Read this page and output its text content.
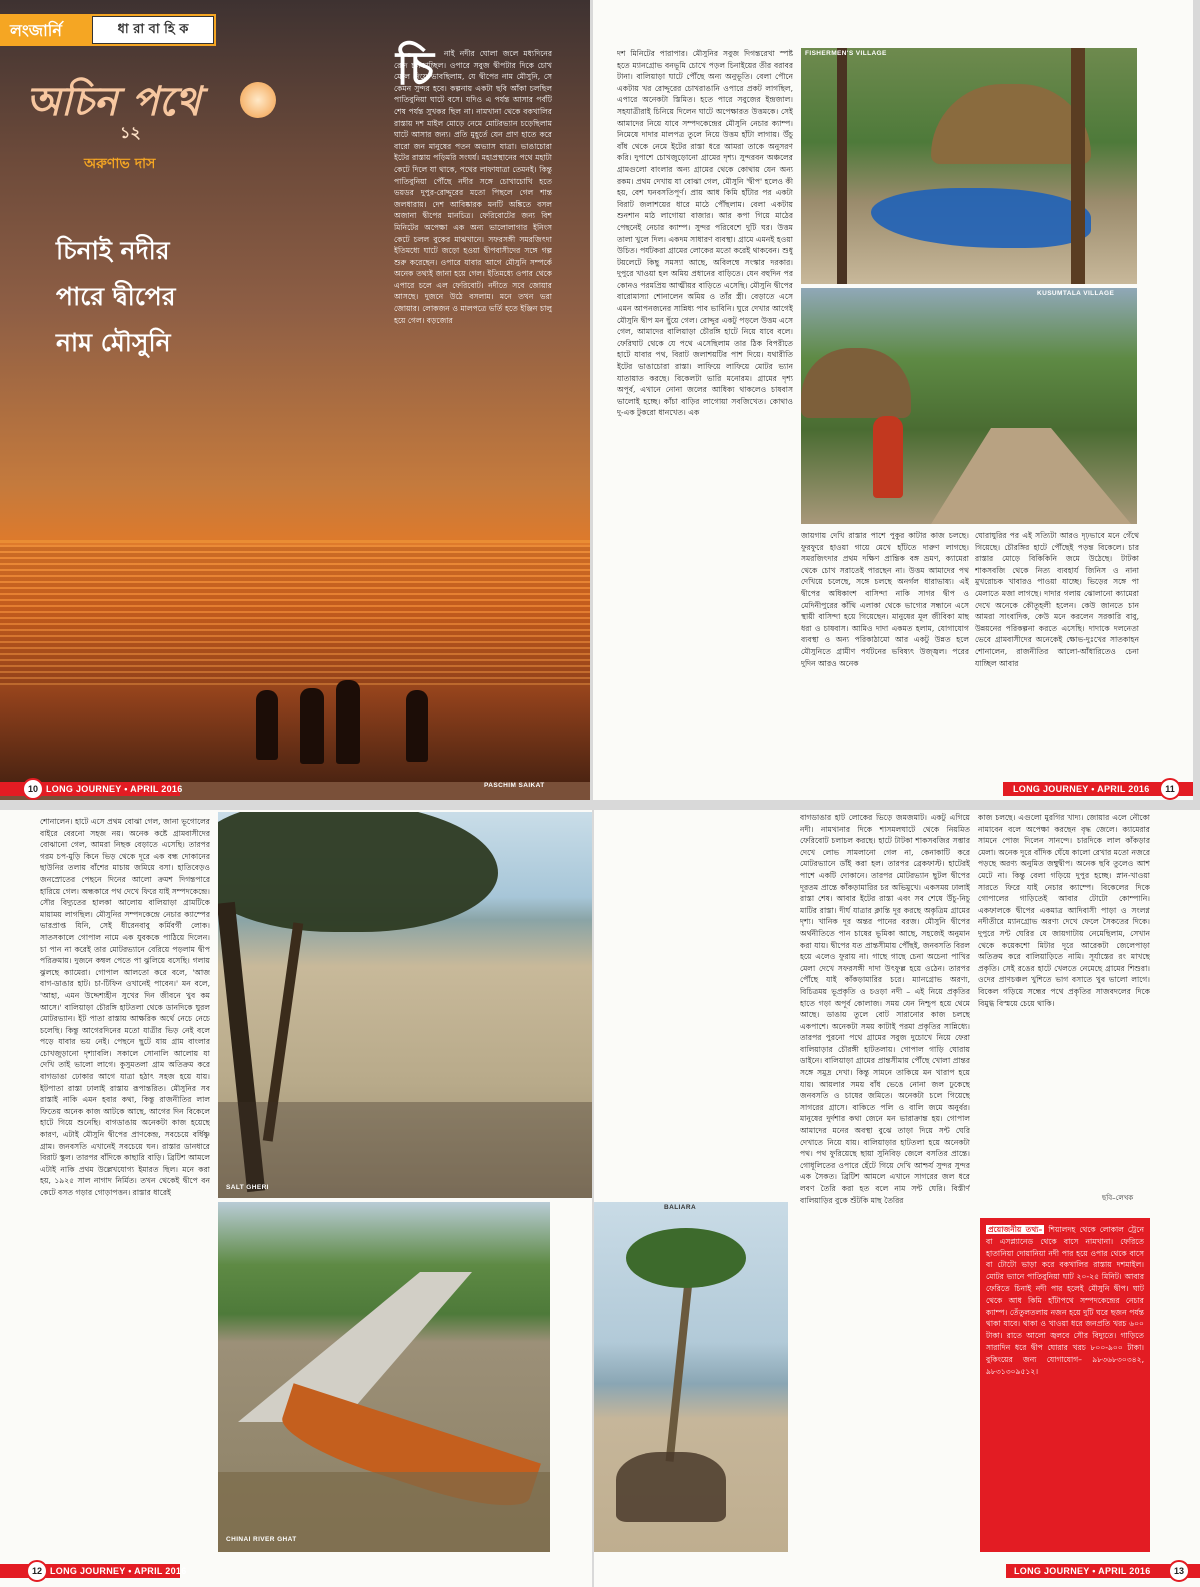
লংজার্নি	ধা রা বা হি ক
অচিন পথে
১২
অরুণাভ দাস
চিনাই নদীর
পারে দ্বীপের
নাম মৌসুনি
চি	নাই নদীর ঘোলা জলে মধ্যদিনের রোদ চলকাচ্ছিল। ওপারে সবুজ দ্বীপটার দিকে চোখ মেলে দিয়ে ভাবছিলাম, যে দ্বীপের নাম মৌসুনি, সে কেমন সুন্দর হবে। কল্পনায় একটা ছবি আঁকা চলছিল পাতিবুনিয়া ঘাটে বসে। যদিও এ পর্যন্ত আসার পর্বটি শেষ পর্যন্ত সুখকর ছিল না। নামখানা থেকে বকখালির রাস্তায় দশ মাইল মোড়ে নেমে মোটরভ্যান চড়েছিলাম ঘাটে আসার জন্য। প্রতি মুহূর্তে যেন প্রাণ হাতে করে বারো জন মানুষের পতন অভ্যাস যাত্রা। ভাঙাচোরা ইটের রাস্তায় পড়িমরি সংঘর্ষ। মহাপ্রস্থানের পথে মহাটা কেটে দিলে যা থাকে, পথের লাফাযাত্রা তেমনই। কিন্তু পাতিবুনিয়া পৌঁছে নদীর সঙ্গে চোখাচোখি হতে ভয়ডর দুপুর-রোদ্দুরের মতো পিছলে গেল শান্ত জলধারায়। দেশ আবিষ্কারক মনটি অঙ্কিতে বসল অজানা দ্বীপের মানচিত্র। ফেরিবোটের জন্য বিশ মিনিটের অপেক্ষা এক অন্য ভালোলাগার ইনিংস কেটে চলল বুকের মাঝখানে। সফরসঙ্গী সমরজিৎদা ইতিমধ্যে ঘাটে জড়ো হওয়া দ্বীপবাসীদের সঙ্গে গল্প শুরু করেছেন। ওপারে যাবার আগে মৌসুনি সম্পর্কে অনেক তথ্যই জানা হয়ে গেল। ইতিমধ্যে ওপার থেকে এপারে চলে এল ফেরিবোট। নদীতে সবে জোয়ার আসছে। দুজনে উঠে বসলাম। মনে তখন ভরা জোয়ার। লোকজন ও মালপত্রে ভর্তি হতে ইঞ্জিন চালু হয়ে গেল। বড়জোর
PASCHIM SAIKAT
10 LONG JOURNEY • APRIL 2016
দশ মিনিটের পারাপার। মৌসুনির সবুজ দিগন্তরেখা স্পষ্ট হতে ম্যানগ্রোভ বনভূমি চোখে পড়ল চিনাইয়ের তীর বরাবর টানা। বালিয়াড়া ঘাটে পৌঁছে অন্য অনুভূতি। বেলা পৌনে একটায় খর রোদ্দুরের চোখরাঙানি ওপারে প্রকট লাগছিল, এপারে অনেকটা স্তিমিত। হতে পারে সবুজের ইন্দ্রজাল। সহযাত্রীরাই চিনিয়ে দিলেন ঘাটে অপেক্ষারত উত্তমকে। সেই আমাদের নিয়ে যাবে সম্পদকেন্দ্রের মৌসুনি নেচার ক্যাম্প। নিমেষে দাদার মালপত্র তুলে নিয়ে উত্তম হাঁটা লাগায়। উঁচু বাঁধ থেকে নেমে ইটের রাস্তা ধরে আমরা তাকে অনুসরণ করি। দুপাশে চোখজুড়োনো গ্রামের দৃশ্য। সুন্দরবন অঞ্চলের গ্রামগুলো বাংলার অন্য গ্রামের থেকে কোথায় যেন অন্য রকম। প্রথম দেখায় যা বোঝা গেল, মৌসুনি 'দ্বীপ' হলেও কী হয়, বেশ ঘনবসতিপূর্ণ। প্রায় আধ কিমি হাঁটার পর একটা বিরাট জলাশয়ের ধারে মাঠে পৌঁছলাম। বেলা একটায় শুনশান মাঠ লাগোয়া বাজার। আর কপা গিয়ে মাঠের পেছনেই নেচার ক্যাম্প। সুন্দর পরিবেশে দুটি ঘর। উত্তম তালা খুলে দিল। একদম সাধারণ ব্যবস্থা। গ্রামে এমনই হওয়া উচিত। পর্যটকরা গ্রামের লোকের মতো করেই থাকবেন। শুধু টয়লেটে কিছু সমস্যা আছে, অবিলম্বে সংস্কার দরকার। দুপুরে খাওয়া হল অমিয় প্রধানের বাড়িতে। যেন বহুদিন পর কোনও পরমপ্রিয় আত্মীয়র বাড়িতে এসেছি। মৌসুনি দ্বীপের বারোমাস্যা শোনালেন অমিয় ও তাঁর স্ত্রী। বেড়াতে এসে এমন আপনজনের সান্নিধ্য পাব ভাবিনি। ঘুরে দেখার আগেই মৌসুনি দ্বীপ মন ছুঁয়ে গেল। রোদ্দুর একটু পড়লে উত্তম এসে গেল, আমাদের বালিয়াড়া চৌরঙ্গি হাটে নিয়ে যাবে বলে। ফেরিঘাট থেকে যে পথে এসেছিলাম তার ঠিক বিপরীতে হাটে যাবার পথ, বিরাট জলাশয়টির পাশ দিয়ে। যথারীতি ইটের ভাঙাচোরা রাস্তা। লাফিয়ে লাফিয়ে মোটর ভ্যান যাতায়াত করছে। বিকেলটা ভারি মনোরম। গ্রামের দৃশ্য অপূর্ব, এখানে নোনা জলের আধিক্য থাকলেও চাষবাস ভালোই হচ্ছে। কাঁচা বাড়ির লাগোয়া সবজিখেত। কোথাও দু-এক টুকরো ধানখেত। এক
FISHERMEN'S VILLAGE
KUSUMTALA VILLAGE
জায়গায় দেখি রাস্তার পাশে পুকুর কাটার কাজ চলছে। ফুরফুরে হাওয়া গায়ে মেখে হাঁটতে দারুণ লাগছে। সমরজিৎদার প্রথম দক্ষিণ প্রান্তিক বঙ্গ ভ্রমণ, ক্যামেরা থেকে চোখ সরাতেই পারছেন না। উত্তম আমাদের পথ দেখিয়ে চলেছে, সঙ্গে চলছে অনর্গল ধারাভাষ্য। এই দ্বীপের অধিকাংশ বাসিন্দা নাকি সাগর দ্বীপ ও মেদিনীপুরের কাঁথি এলাকা থেকে ভাগ্যের সন্ধানে এসে স্থায়ী বাসিন্দা হয়ে গিয়েছেন। মানুষের মূল জীবিকা মাছ ধরা ও চাষবাস। আমিও দাদা একমত হলাম, যোগাযোগ ব্যবস্থা ও অন্য পরিকাঠামো আর একটু উন্নত হলে মৌসুনিতে গ্রামীণ পর্যটনের ভবিষ্যৎ উজ্জ্বল। পরের দুদিন আরও অনেক
ঘোরাঘুরির পর এই সত্যিটা আরও দৃঢ়ভাবে মনে গেঁথে গিয়েছে। চৌরঙ্গির হাটে পৌঁছেই পড়ন্ত বিকেলে। চার রাস্তার মোড়ে বিকিকিনি জমে উঠেছে। টাটকা শাকসবজি থেকে নিত্য ব্যবহার্য জিনিস ও নানা মুখরোচক খাবারও পাওয়া যাচ্ছে। ভিড়ের সঙ্গে পা মেলাতে মজা লাগছে। দাদার গলায় ঝোলানো ক্যামেরা দেখে অনেকে কৌতূহলী হলেন। কেউ জানতে চান আমরা সাংবাদিক, কেউ মনে করলেন সরকারি বাবু, উন্নয়নের পরিকল্পনা করতে এসেছি। দাদাকে দলনেতা ভেবে গ্রামবাসীদের অনেকেই ক্ষোভ-দুঃখের সাতকাহন শোনালেন, রাজনীতির আলো-আঁধারিতেও চেনা যাচ্ছিল আবার
LONG JOURNEY • APRIL 2016	11
শোনালেন। হাটে এসে প্রথম বোঝা গেল, জানা ভূগোলের বাইরে বেরনো সহজ নয়। অনেক কষ্টে গ্রামবাসীদের বোঝানো গেল, আমরা নিছক বেড়াতে এসেছি। তারপর গরম চপ-মুড়ি কিনে ভিড় থেকে দূরে এক বন্ধ দোকানের ছাউনির তলায় বাঁশের মাচায় জমিয়ে বসা। হাতিবেড়ও জনস্রোতের পেছনে দিনের আলো ক্রমশ দিগন্তপারে হারিয়ে গেল। অন্ধকারে পথ দেখে ফিরে যাই সম্পদকেন্দ্রে। সৌর বিদ্যুতের হালকা আলোয় বালিয়াড়া গ্রামটিকে মায়াময় লাগছিল। মৌসুনির সম্পদকেন্দ্রে নেচার ক্যাম্পের ভারপ্রাপ্ত যিনি, সেই ধীরেনবাবু কর্মিবর্গী লোক। সাতসকালে গোপাল নামে এক যুবককে পাঠিয়ে দিলেন। চা পান না করেই তার মোটরভ্যানে বেরিয়ে পড়লাম দ্বীপ পরিক্রমায়। দুজনে কম্বল পেতে পা ঝুলিয়ে বসেছি। গলায় ঝুলছে ক্যামেরা। গোপাল আলতো করে বলে, 'আজ বাগ-ডাঙার হাট। চা-টিফিন ওখানেই পাবেন।' মন বলে, 'আহা, এমন উদ্দেশ্যহীন সুখের দিন জীবনে খুব কম আসে।' বালিয়াড়া চৌরঙ্গি হাটতলা থেকে ডানদিকে ঘুরল মোটরভ্যান। ইট পাতা রাস্তায় আক্ষরিক অর্থে নেচে নেচে চলেছি। কিন্তু আগেরদিনের মতো যাত্রীর ভিড় নেই বলে পড়ে যাবার ভয় নেই। পেছনে ছুটে যায় গ্রাম বাংলার চোখজুড়ানো দৃশ্যাবলি। সকালে সোনালি আলোয় যা দেখি তাই ভালো লাগে। কুসুমতলা গ্রাম অতিক্রম করে বাগডাঙা ঢোকার আগে যাত্রা হঠাৎ সহজ হয়ে যায়। ইটপাতা রাস্তা ঢালাই রাস্তায় রূপান্তরিত। মৌসুনির সব রাস্তাই নাকি এমন হবার কথা, কিন্তু রাজনীতির লাল ফিতেয় অনেক কাজ আটকে আছে, আগের দিন বিকেলে হাটে গিয়ে শুনেছি। বাগডাঙায় অনেকটা কাজ হয়েছে কারণ, এটাই মৌসুনি দ্বীপের প্রাণকেন্দ্র, সবচেয়ে বর্ধিষ্ণু গ্রাম। জনবসতি এখানেই সবচেয়ে ঘন। রাস্তার ডানধারে বিরাট স্কুল। তারপর বাঁদিকে কাছারি বাড়ি। ব্রিটিশ আমলে এটাই নাকি প্রথম উল্লেখযোগ্য ইমারত ছিল। মনে করা হয়, ১৯২৫ সাল নাগাদ নির্মিত। তখন থেকেই দ্বীপে বন কেটে বসত গড়ার গোড়াপত্তন। রাস্তার ধারেই
SALT GHERI
CHINAI RIVER GHAT
12 LONG JOURNEY • APRIL 2016
BALIARA
বাগডাঙার হাট লোকের ভিড়ে জমজমাট। একটু এগিয়ে নদী। নামখানার দিকে শাসমলঘাটে থেকে নিয়মিত ফেরিবোট চলাচল করছে। হাটে টাটকা শাকসবজির সম্ভার দেখে লোভ সামলানো গেল না, কেনাকাটি করে মোটরভ্যানে ডাঁই করা হল। তারপর ব্রেকফাস্ট। হাটেরই পাশে একটি দোকানে। তারপর মোটরভ্যান ছুটল দ্বীপের দূরতম প্রান্তে কাঁকড়ামারির চর অভিমুখে। একসময় ঢালাই রাস্তা শেষ। আবার ইটের রাস্তা এবং সব শেষে উঁচু-নিচু মাটির রাস্তা। দীর্ঘ যাত্রার ক্লান্তি দূর করছে অকৃত্রিম গ্রামের দৃশ্য। খানিক দূর অন্তর পানের বরজ। মৌসুনি দ্বীপের অর্থনীতিতে পান চাষের ভূমিকা আছে, সহজেই অনুমান করা যায়। দ্বীপের যত প্রান্তসীমায় পৌঁছই, জনবসতি বিরল হয়ে এলেও ফুরায় না। গাছে গাছে চেনা অচেনা পাখির মেলা দেখে সফরসঙ্গী দাদা উৎফুল্ল হয়ে ওঠেন। তারপর পৌঁছে যাই কাঁকড়ামারির চরে। ম্যানগ্রোভ অরণ্য, বিচিত্রময় ভূপ্রকৃতি ও চওড়া নদী – এই নিয়ে প্রকৃতির হাতে গড়া অপূর্ব কোলাজ। সময় যেন নিশ্চুপ হয়ে থেমে আছে। ডাঙায় তুলে বোট সারানোর কাজ চলছে একপাশে। অনেকটা সময় কাটাই পরমা প্রকৃতির সান্নিধ্যে। তারপর পুরনো পথে গ্রামের সবুজ দুচোখে নিয়ে ফেরা বালিয়াড়ার চৌরঙ্গী হাটতলায়। গোপাল গাড়ি ঘোরায় ডাইনে। বালিয়াড়া গ্রামের প্রান্তসীমায় পৌঁছে খোলা প্রান্তর সঙ্গে সমুদ্র দেখা। কিন্তু সামনে তাকিয়ে মন খারাপ হয়ে যায়। আয়লার সময় বাঁধ ভেঙে নোনা জল ঢুকেছে জনবসতি ও চাষের জমিতে। অনেকটা চলে গিয়েছে সাগরের গ্রাসে। বাকিতে পলি ও বালি জমে অনুর্বর। মানুষের দুর্দশার কথা জেনে মন ভারাক্রান্ত হয়। গোপাল আমাদের মনের অবস্থা বুঝে তাড়া দিয়ে সন্ট ঘেরি দেখাতে নিয়ে যায়। বালিয়াড়ার হাটতলা হয়ে অনেকটা পথ। পথ ফুরিয়েছে ছায়া সুনিবিড় জেলে বসতির প্রান্তে। গোধূলিতের ওপারে হেঁটে গিয়ে দেখি আশ্চর্য সুন্দর সুন্দর এক সৈকত। ব্রিটিশ আমলে এখানে সাগরের জল ধরে লবণ তৈরি করা হত বলে নাম সন্ট ঘেরি। বিস্তীর্ণ বালিয়াড়ির বুকে শুঁটকি মাছ তৈরির
কাজ চলছে। এগুলো মুরগির খাদ্য। জোয়ার এলে নৌকো নামাবেন বলে অপেক্ষা করছেন বৃদ্ধ জেলে। ক্যামেরার সামনে পোজ দিলেন সানন্দে। চারদিকে লাল কাঁকড়ার মেলা। অনেক দূরে বাঁদিক ঘেঁষে কালো রেখার মতো নজরে পড়ছে অরণ্য অনুমিত জম্বুদ্বীপ। অনেক ছবি তুলেও আশ মেটে না। কিন্তু বেলা গড়িয়ে দুপুর হচ্ছে। স্নান-খাওয়া সারতে ফিরে যাই নেচার ক্যাম্পে। বিকেলের দিকে গোপালের গাড়িতেই আবার টোটো কোম্পানি। একফালকে দ্বীপের একমাত্র আদিবাসী পাড়া ও সংলগ্ন নদীতীরে ম্যানগ্রোভ অরণ্য দেখে ফেলে সৈকতের দিকে। দুপুরে সন্ট ঘেরির যে জায়গাটায় নেমেছিলাম, সেখান থেকে কয়েকশো মিটার দূরে আরেকটা জেলেপাড়া অতিক্রম করে বালিয়াড়িতে নামি। সূর্যাস্তের রং মাখছে প্রকৃতি। সেই রঙের হাটে খেলতে নেমেছে গ্রামের শিশুরা। ওদের প্রাণচঞ্চল খুশিতে ভাগ বসাতে খুব ভালো লাগে। বিকেল গড়িয়ে সন্ধের পথে প্রকৃতির সাজবদলের দিকে বিমুগ্ধ বিস্ময়ে চেয়ে থাকি।
ছবি–লেখক
প্রয়োজনীয় তথ্য– শিয়ালদহ থেকে লোকাল ট্রেনে বা এসপ্ল্যানেড থেকে বাসে নামখানা। ফেরিতে হাতানিয়া দোয়ানিয়া নদী পার হয়ে ওপার থেকে বাসে বা টোটো ভাড়া করে বকখালির রাস্তায় দশমাইল। মোটর ভ্যানে পাতিবুনিয়া ঘাট ২০-২৫ মিনিট। আবার ফেরিতে চিনাই নদী পার হলেই মৌসুনি দ্বীপ। ঘাট থেকে আধ কিমি হাঁটাপথে সম্পদকেন্দ্রের নেচার ক্যাম্প। তেঁতুলতলায় নজন হয়ে দুটি ঘরে ছজন পর্যন্ত থাকা যাবে। থাকা ও খাওয়া ধরে জনপ্রতি খরচ ৬০০ টাকা। রাতে আলো জ্বলবে সৌর বিদ্যুতে। গাড়িতে সারাদিন ধরে দ্বীপ ঘোরার খরচ ৮০০-৯০০ টাকা। বুকিংয়ের জন্য যোগাযোগ– ৯৮৩৬৮৩০৩৪২, ৯৮৩১৩০৯৫১২।
LONG JOURNEY • APRIL 2016	13
